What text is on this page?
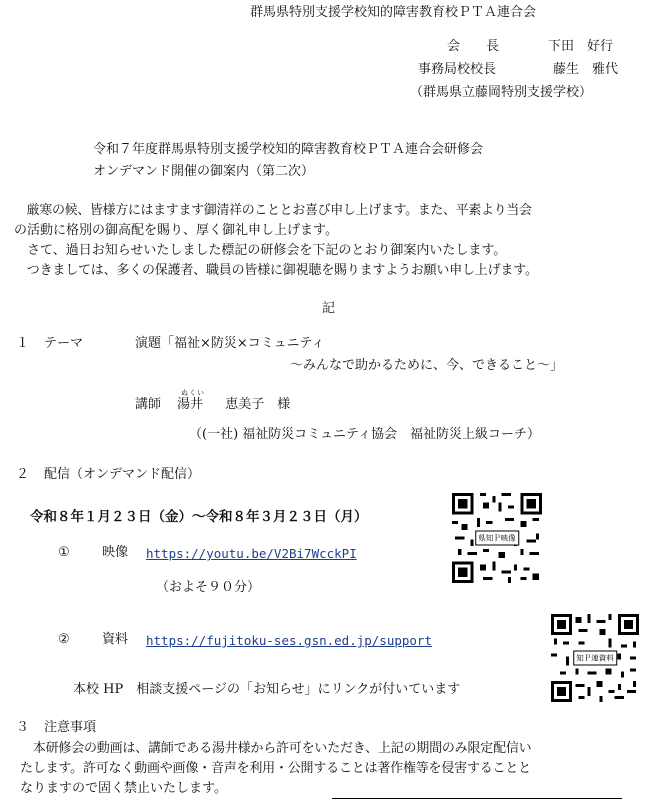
群馬県特別支援学校知的障害教育校ＰＴＡ連合会
会　　長	下田　好行
事務局校校長	藤生　雅代
（群馬県立藤岡特別支援学校）
令和７年度群馬県特別支援学校知的障害教育校ＰＴＡ連合会研修会
オンデマンド開催の御案内（第二次）
　厳寒の候、皆様方にはますます御清祥のこととお喜び申し上げます。また、平素より当会
の活動に格別の御高配を賜り、厚く御礼申し上げます。
　さて、過日お知らせいたしました標記の研修会を下記のとおり御案内いたします。
　つきましては、多くの保護者、職員の皆様に御視聴を賜りますようお願い申し上げます。
記
１ テーマ	演題「福祉×防災×コミュニティ
～みんなで助かるために、今、できること～」
講師
ぬくい
湯井 恵美子　様
（(一社) 福祉防災コミュニティ協会　福祉防災上級コーチ）
２ 配信（オンデマンド配信）
令和８年１月２３日（金）～令和８年３月２３日（月）
① 映像 https://youtu.be/V2Bi7WcckPI
（およそ９０分）
県知Ｐ映像
② 資料 https://fujitoku-ses.gsn.ed.jp/support
知Ｐ連資料
本校 HP　相談支援ページの「お知らせ」にリンクが付いています
３ 注意事項
　本研修会の動画は、講師である湯井様から許可をいただき、上記の期間のみ限定配信い
たします。許可なく動画や画像・音声を利用・公開することは著作権等を侵害することと
なりますので固く禁止いたします。
